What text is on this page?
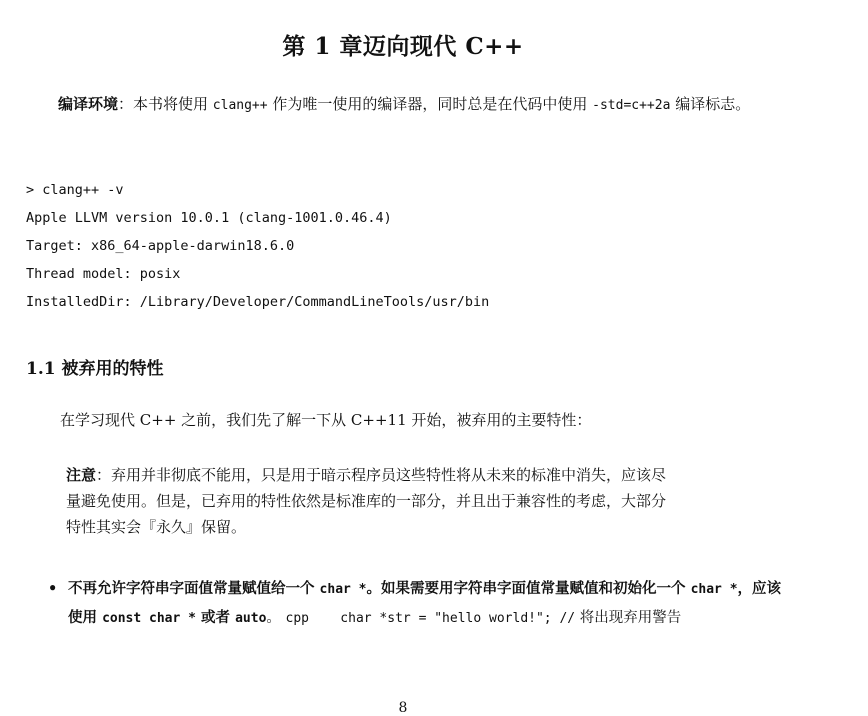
第 1 章迈向现代 C++
编译环境：本书将使用 clang++ 作为唯一使用的编译器，同时总是在代码中使用 -std=c++2a 编译标志。
> clang++ -v
Apple LLVM version 10.0.1 (clang-1001.0.46.4)
Target: x86_64-apple-darwin18.6.0
Thread model: posix
InstalledDir: /Library/Developer/CommandLineTools/usr/bin
1.1 被弃用的特性
在学习现代 C++ 之前，我们先了解一下从 C++11 开始，被弃用的主要特性：
注意：弃用并非彻底不能用，只是用于暗示程序员这些特性将从未来的标准中消失，应该尽
量避免使用。但是，已弃用的特性依然是标准库的一部分，并且出于兼容性的考虑，大部分
特性其实会『永久』保留。
• 不再允许字符串字面值常量赋值给一个 char *。如果需要用字符串字面值常量赋值和初始化一个 char *，应该使用 const char * 或者 auto。 cpp    char *str = "hello world!"; // 将出现弃用警告
8
